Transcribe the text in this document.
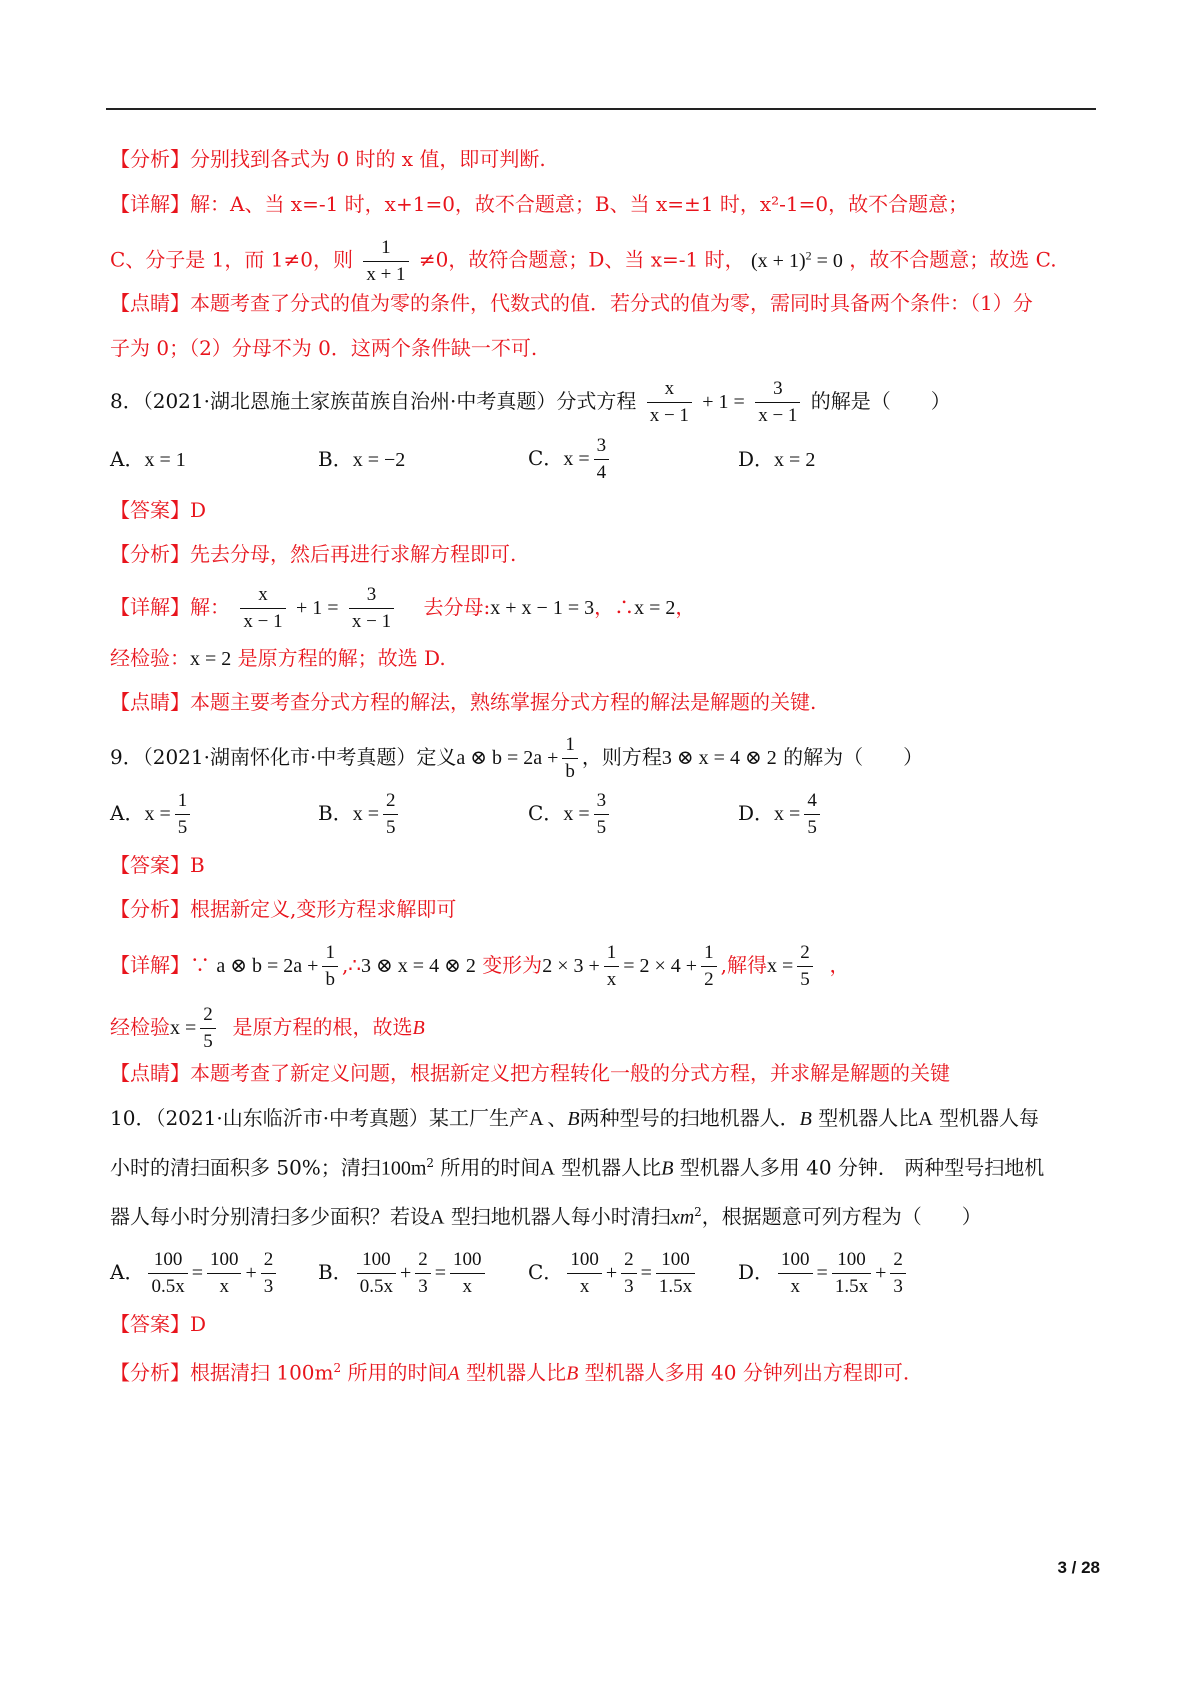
【分析】分别找到各式为 0 时的 x 值，即可判断.
【详解】解：A、当 x=-1 时，x+1=0，故不合题意；B、当 x=±1 时，x²-1=0，故不合题意；
C、分子是 1，而 1≠0，则 $\frac{1}{x + 1} \ne 0$，故符合题意；D、当 x=-1 时， $(x + 1)^2 = 0$ ，故不合题意；故选 C.
【点睛】本题考查了分式的值为零的条件，代数式的值．若分式的值为零，需同时具备两个条件：（1）分
子为 0；（2）分母不为 0．这两个条件缺一不可.
8．（2021·湖北恩施土家族苗族自治州·中考真题）分式方程 $\frac{x}{x - 1} + 1 = \frac{3}{x - 1}$ 的解是（　　）
A．x = 1	B．x = −2	C．$x = \frac{3}{4}$	D．x = 2
【答案】D
【分析】先去分母，然后再进行求解方程即可.
【详解】解： $\frac{x}{x - 1} + 1 = \frac{3}{x - 1}$ 去分母:x + x − 1 = 3，∴x = 2，
经检验：x = 2 是原方程的解；故选 D.
【点睛】本题主要考查分式方程的解法，熟练掌握分式方程的解法是解题的关键.
9．（2021·湖南怀化市·中考真题）定义a ⊗ $b = 2a + \frac{1}{b}$ ，则方程3 ⊗ x = 4 ⊗ 2 的解为（　　）
A．$x = \frac{1}{5}$	B．$x = \frac{2}{5}$	C．$x = \frac{3}{5}$	D．$x = \frac{4}{5}$
【答案】B
【分析】根据新定义,变形方程求解即可
【详解】∵ a ⊗ $b = 2a + \frac{1}{b}$ ,∴3 ⊗ x = 4 ⊗ 2 变形为$2 \times 3 + \frac{1}{x} = 2 \times 4 + \frac{1}{2}$ ,解得$x = \frac{2}{5}$ ，
经检验$x = \frac{2}{5}$ 是原方程的根，故选B
【点睛】本题考查了新定义问题，根据新定义把方程转化一般的分式方程，并求解是解题的关键
10．（2021·山东临沂市·中考真题）某工厂生产A 、B两种型号的扫地机器人．B 型机器人比A 型机器人每
小时的清扫面积多 50%；清扫$100m^2$ 所用的时间A 型机器人比B 型机器人多用 40 分钟． 两种型号扫地机
器人每小时分别清扫多少面积？若设A 型扫地机器人每小时清扫$xm^2$，根据题意可列方程为（　　）
A． $\frac{100}{0.5x} = \frac{100}{x} + \frac{2}{3}$ B． $\frac{100}{0.5x} + \frac{2}{3} = \frac{100}{x}$ C． $\frac{100}{x} + \frac{2}{3} = \frac{100}{1.5x}$ D． $\frac{100}{x} = \frac{100}{1.5x} + \frac{2}{3}$
【答案】D
【分析】根据清扫 $100m^2$ 所用的时间A 型机器人比B 型机器人多用 40 分钟列出方程即可.
3 / 28
